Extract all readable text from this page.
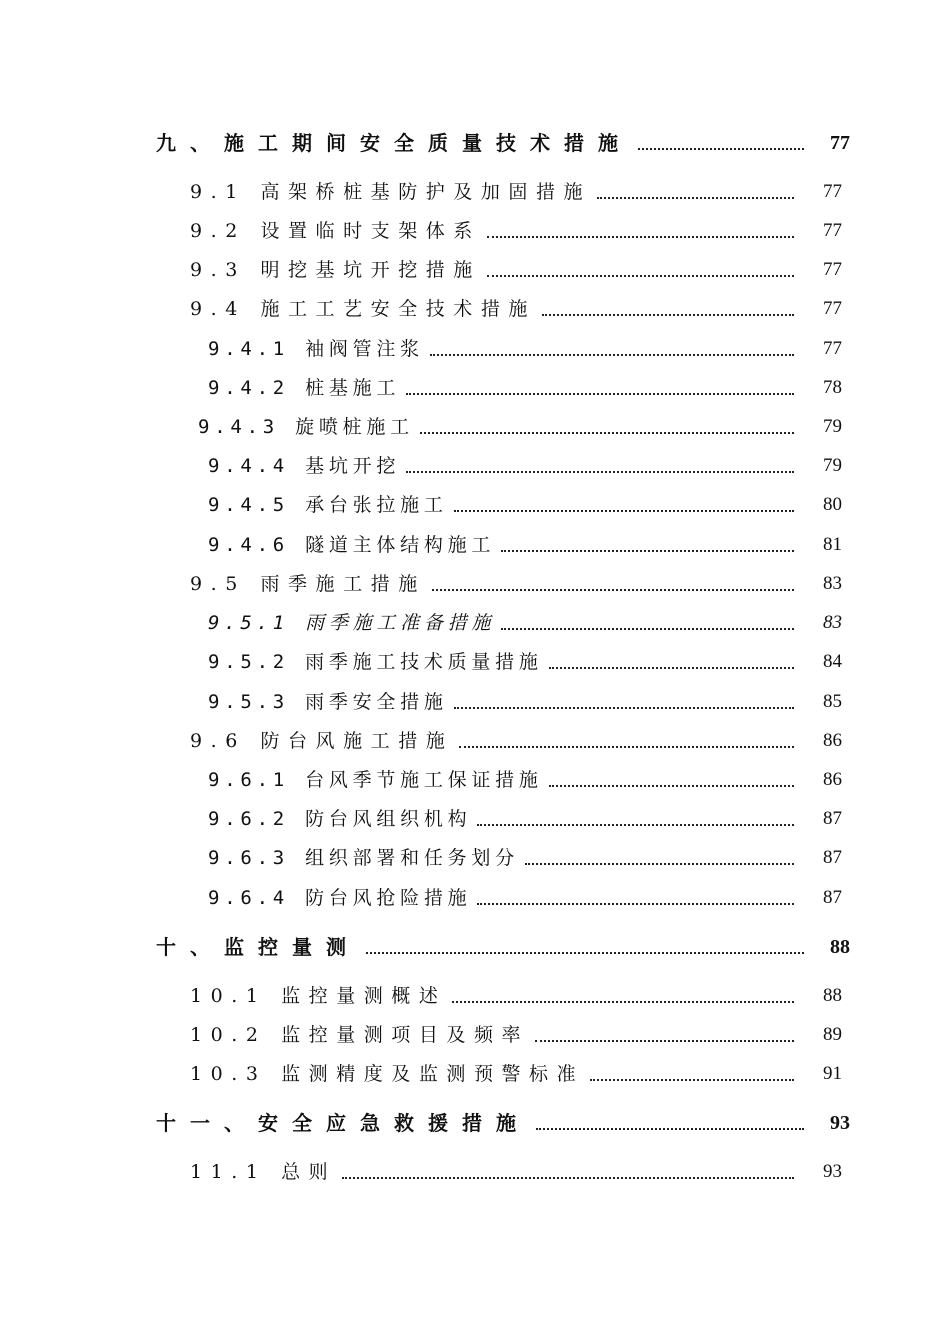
九、施工期间安全质量技术措施	77
9.1 高架桥桩基防护及加固措施	77
9.2 设置临时支架体系	77
9.3 明挖基坑开挖措施	77
9.4 施工工艺安全技术措施	77
9.4.1 袖阀管注浆	77
9.4.2 桩基施工	78
9.4.3 旋喷桩施工	79
9.4.4 基坑开挖	79
9.4.5 承台张拉施工	80
9.4.6 隧道主体结构施工	81
9.5 雨季施工措施	83
9.5.1 雨季施工准备措施	83
9.5.2 雨季施工技术质量措施	84
9.5.3 雨季安全措施	85
9.6 防台风施工措施	86
9.6.1 台风季节施工保证措施	86
9.6.2 防台风组织机构	87
9.6.3 组织部署和任务划分	87
9.6.4 防台风抢险措施	87
十、监控量测	88
10.1 监控量测概述	88
10.2 监控量测项目及频率	89
10.3 监测精度及监测预警标准	91
十一、安全应急救援措施	93
11.1 总则	93
